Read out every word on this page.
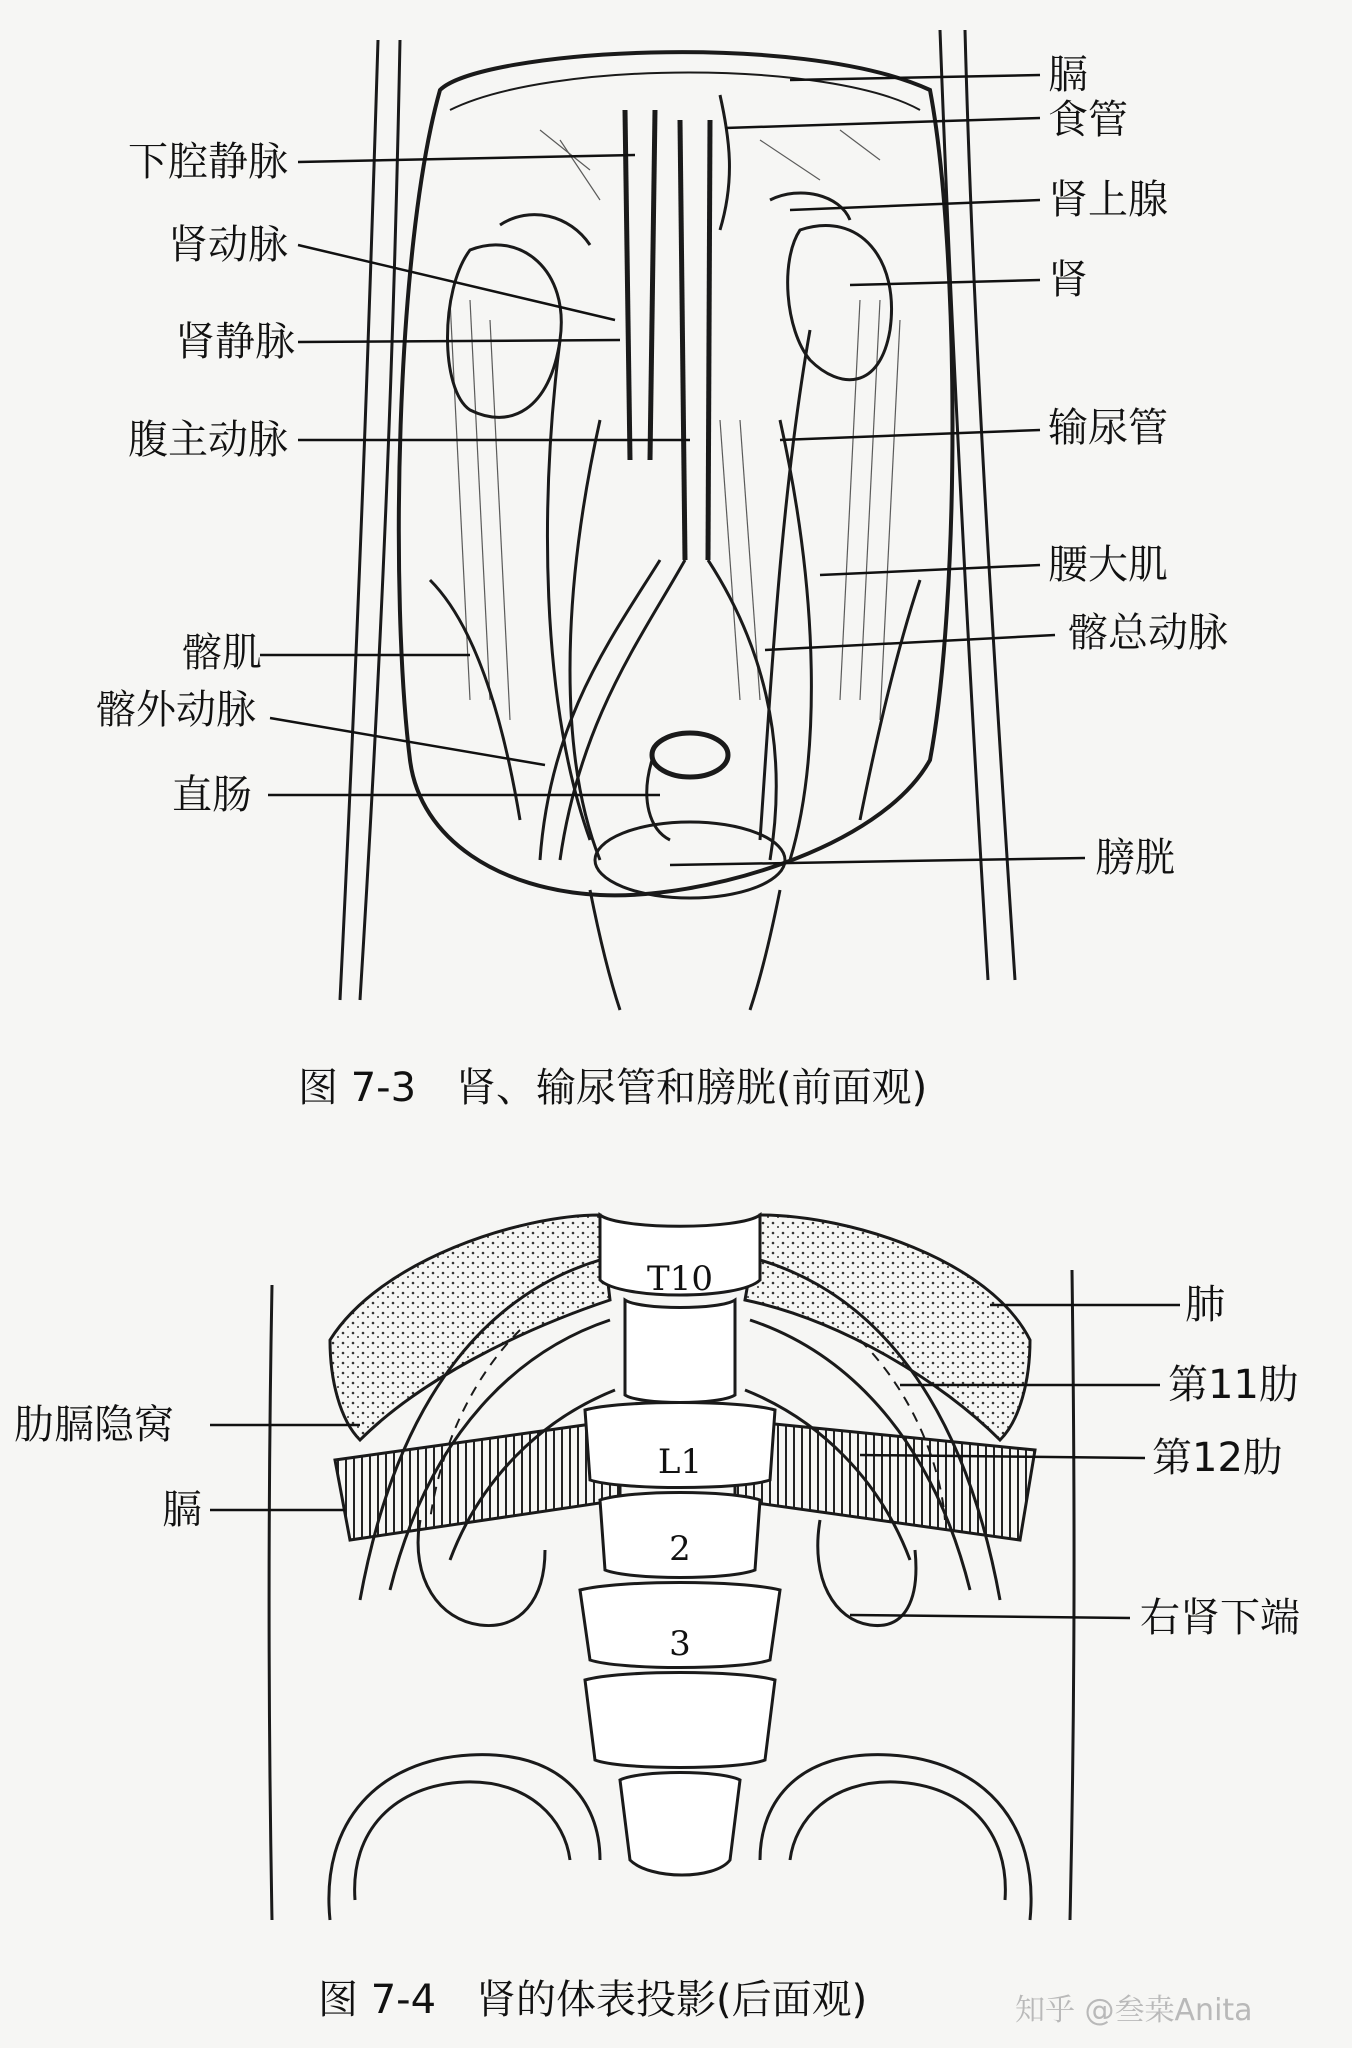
下腔静脉
肾动脉
肾静脉
腹主动脉
髂肌
髂外动脉
直肠
膈
食管
肾上腺
肾
输尿管
腰大肌
髂总动脉
膀胱
图 7-3　肾、输尿管和膀胱(前面观)
T10
L1
2
3
肋膈隐窝
膈
肺
第11肋
第12肋
右肾下端
图 7-4　肾的体表投影(后面观)	知乎 @叁桒Anita
